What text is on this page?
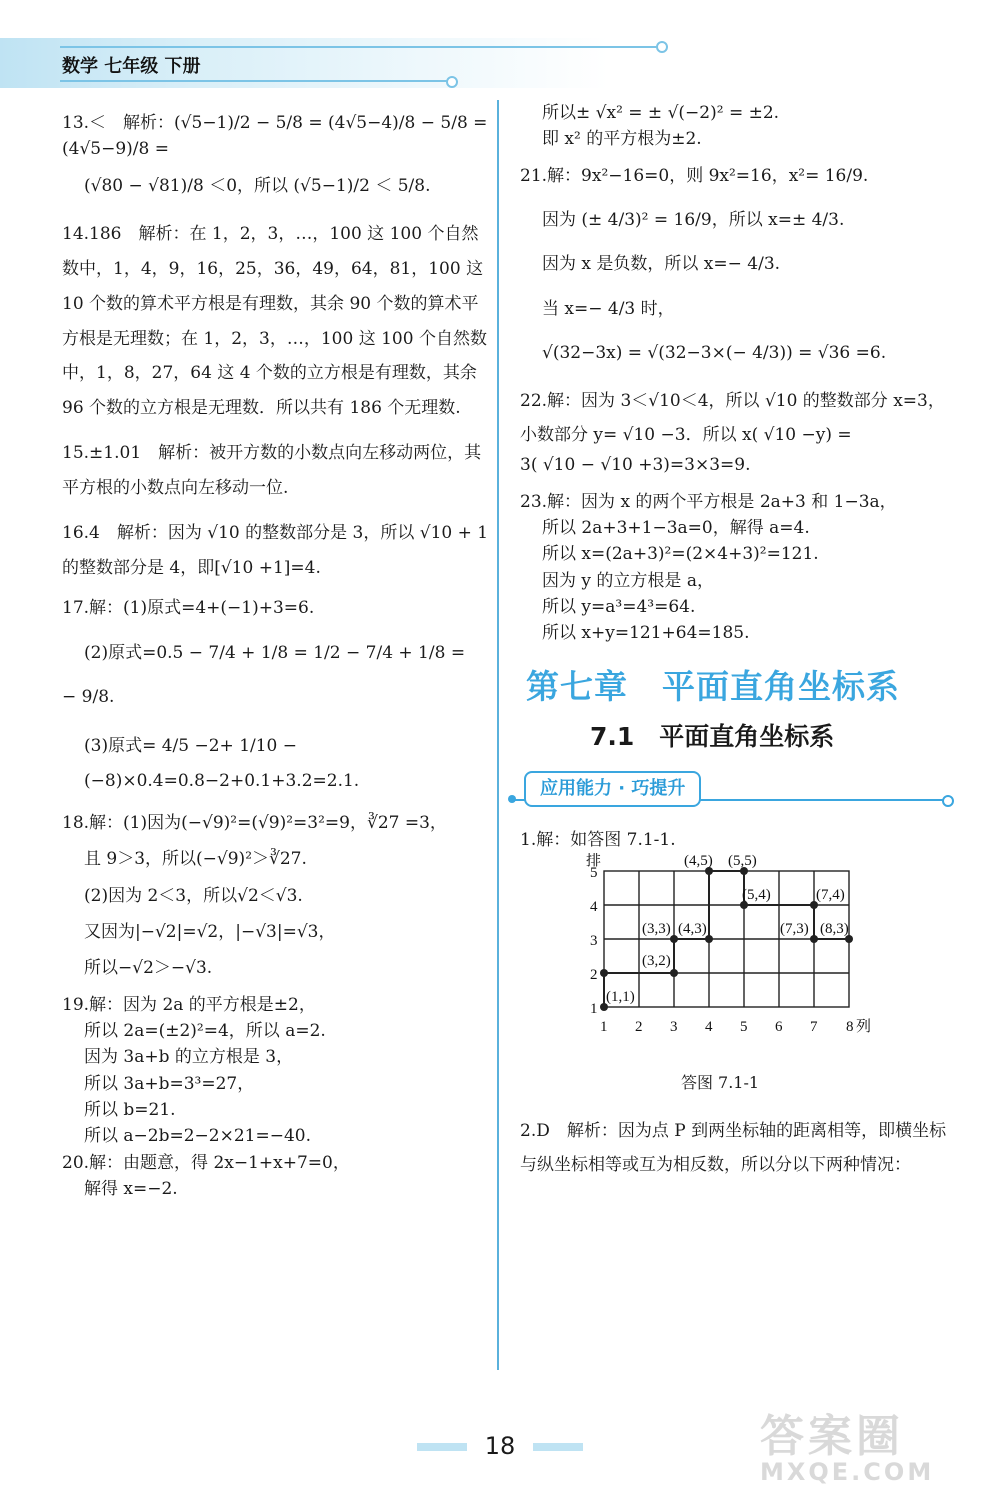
数学 七年级 下册

13.＜　解析：(√5−1)/2 − 5/8 = (4√5−4)/8 − 5/8 = (4√5−9)/8 =

(√80 − √81)/8 ＜0，所以 (√5−1)/2 ＜ 5/8.

14.186　解析：在 1，2，3，…，100 这 100 个自然数中，1，4，9，16，25，36，49，64，81，100 这 10 个数的算术平方根是有理数，其余 90 个数的算术平方根是无理数；在 1，2，3，…，100 这 100 个自然数中，1，8，27，64 这 4 个数的立方根是有理数，其余 96 个数的立方根是无理数．所以共有 186 个无理数.

15.±1.01　解析：被开方数的小数点向左移动两位，其平方根的小数点向左移动一位.

16.4　解析：因为 √10 的整数部分是 3，所以 √10 + 1 的整数部分是 4，即[√10 +1]=4.

17.解：(1)原式=4+(−1)+3=6.

(2)原式=0.5 − 7/4 + 1/8 = 1/2 − 7/4 + 1/8 =

− 9/8.

(3)原式= 4/5 −2+ 1/10 −(−8)×0.4=0.8−2+0.1+3.2=2.1.

18.解：(1)因为(−√9)²=(√9)²=3²=9，∛27 =3，

且 9＞3，所以(−√9)²＞∛27.

(2)因为 2＜3，所以√2＜√3.

又因为|−√2|=√2，|−√3|=√3，

所以−√2＞−√3.

19.解：因为 2a 的平方根是±2，

所以 2a=(±2)²=4，所以 a=2.

因为 3a+b 的立方根是 3，

所以 3a+b=3³=27，

所以 b=21.

所以 a−2b=2−2×21=−40.

20.解：由题意，得 2x−1+x+7=0，

解得 x=−2.

所以± √x² = ± √(−2)² = ±2.

即 x² 的平方根为±2.

21.解：9x²−16=0，则 9x²=16，x²= 16/9.

因为 (± 4/3)² = 16/9，所以 x=± 4/3.

因为 x 是负数，所以 x=− 4/3.

当 x=− 4/3 时，

√(32−3x) = √(32−3×(− 4/3)) = √36 =6.

22.解：因为 3＜√10＜4，所以 √10 的整数部分 x=3，小数部分 y= √10 −3．所以 x( √10 −y) =

3( √10 − √10 +3)=3×3=9.

23.解：因为 x 的两个平方根是 2a+3 和 1−3a，

所以 2a+3+1−3a=0，解得 a=4.

所以 x=(2a+3)²=(2×4+3)²=121.

因为 y 的立方根是 a，

所以 y=a³=4³=64.

所以 x+y=121+64=185.

第七章　平面直角坐标系
7.1　平面直角坐标系
应用能力 · 巧提升

1.解：如答图 7.1-1.

排
5
4
3
2
1
1 2 3 4 5 6 7 8 列
(1,1)
(3,2)
(3,3) (4,3)
(4,5) (5,5)
(5,4)
(7,3)
(7,4)
(8,3)
答图 7.1-1

2.D　解析：因为点 P 到两坐标轴的距离相等，即横坐标与纵坐标相等或互为相反数，所以分以下两种情况：

18	答案圈
MXQE.COM
